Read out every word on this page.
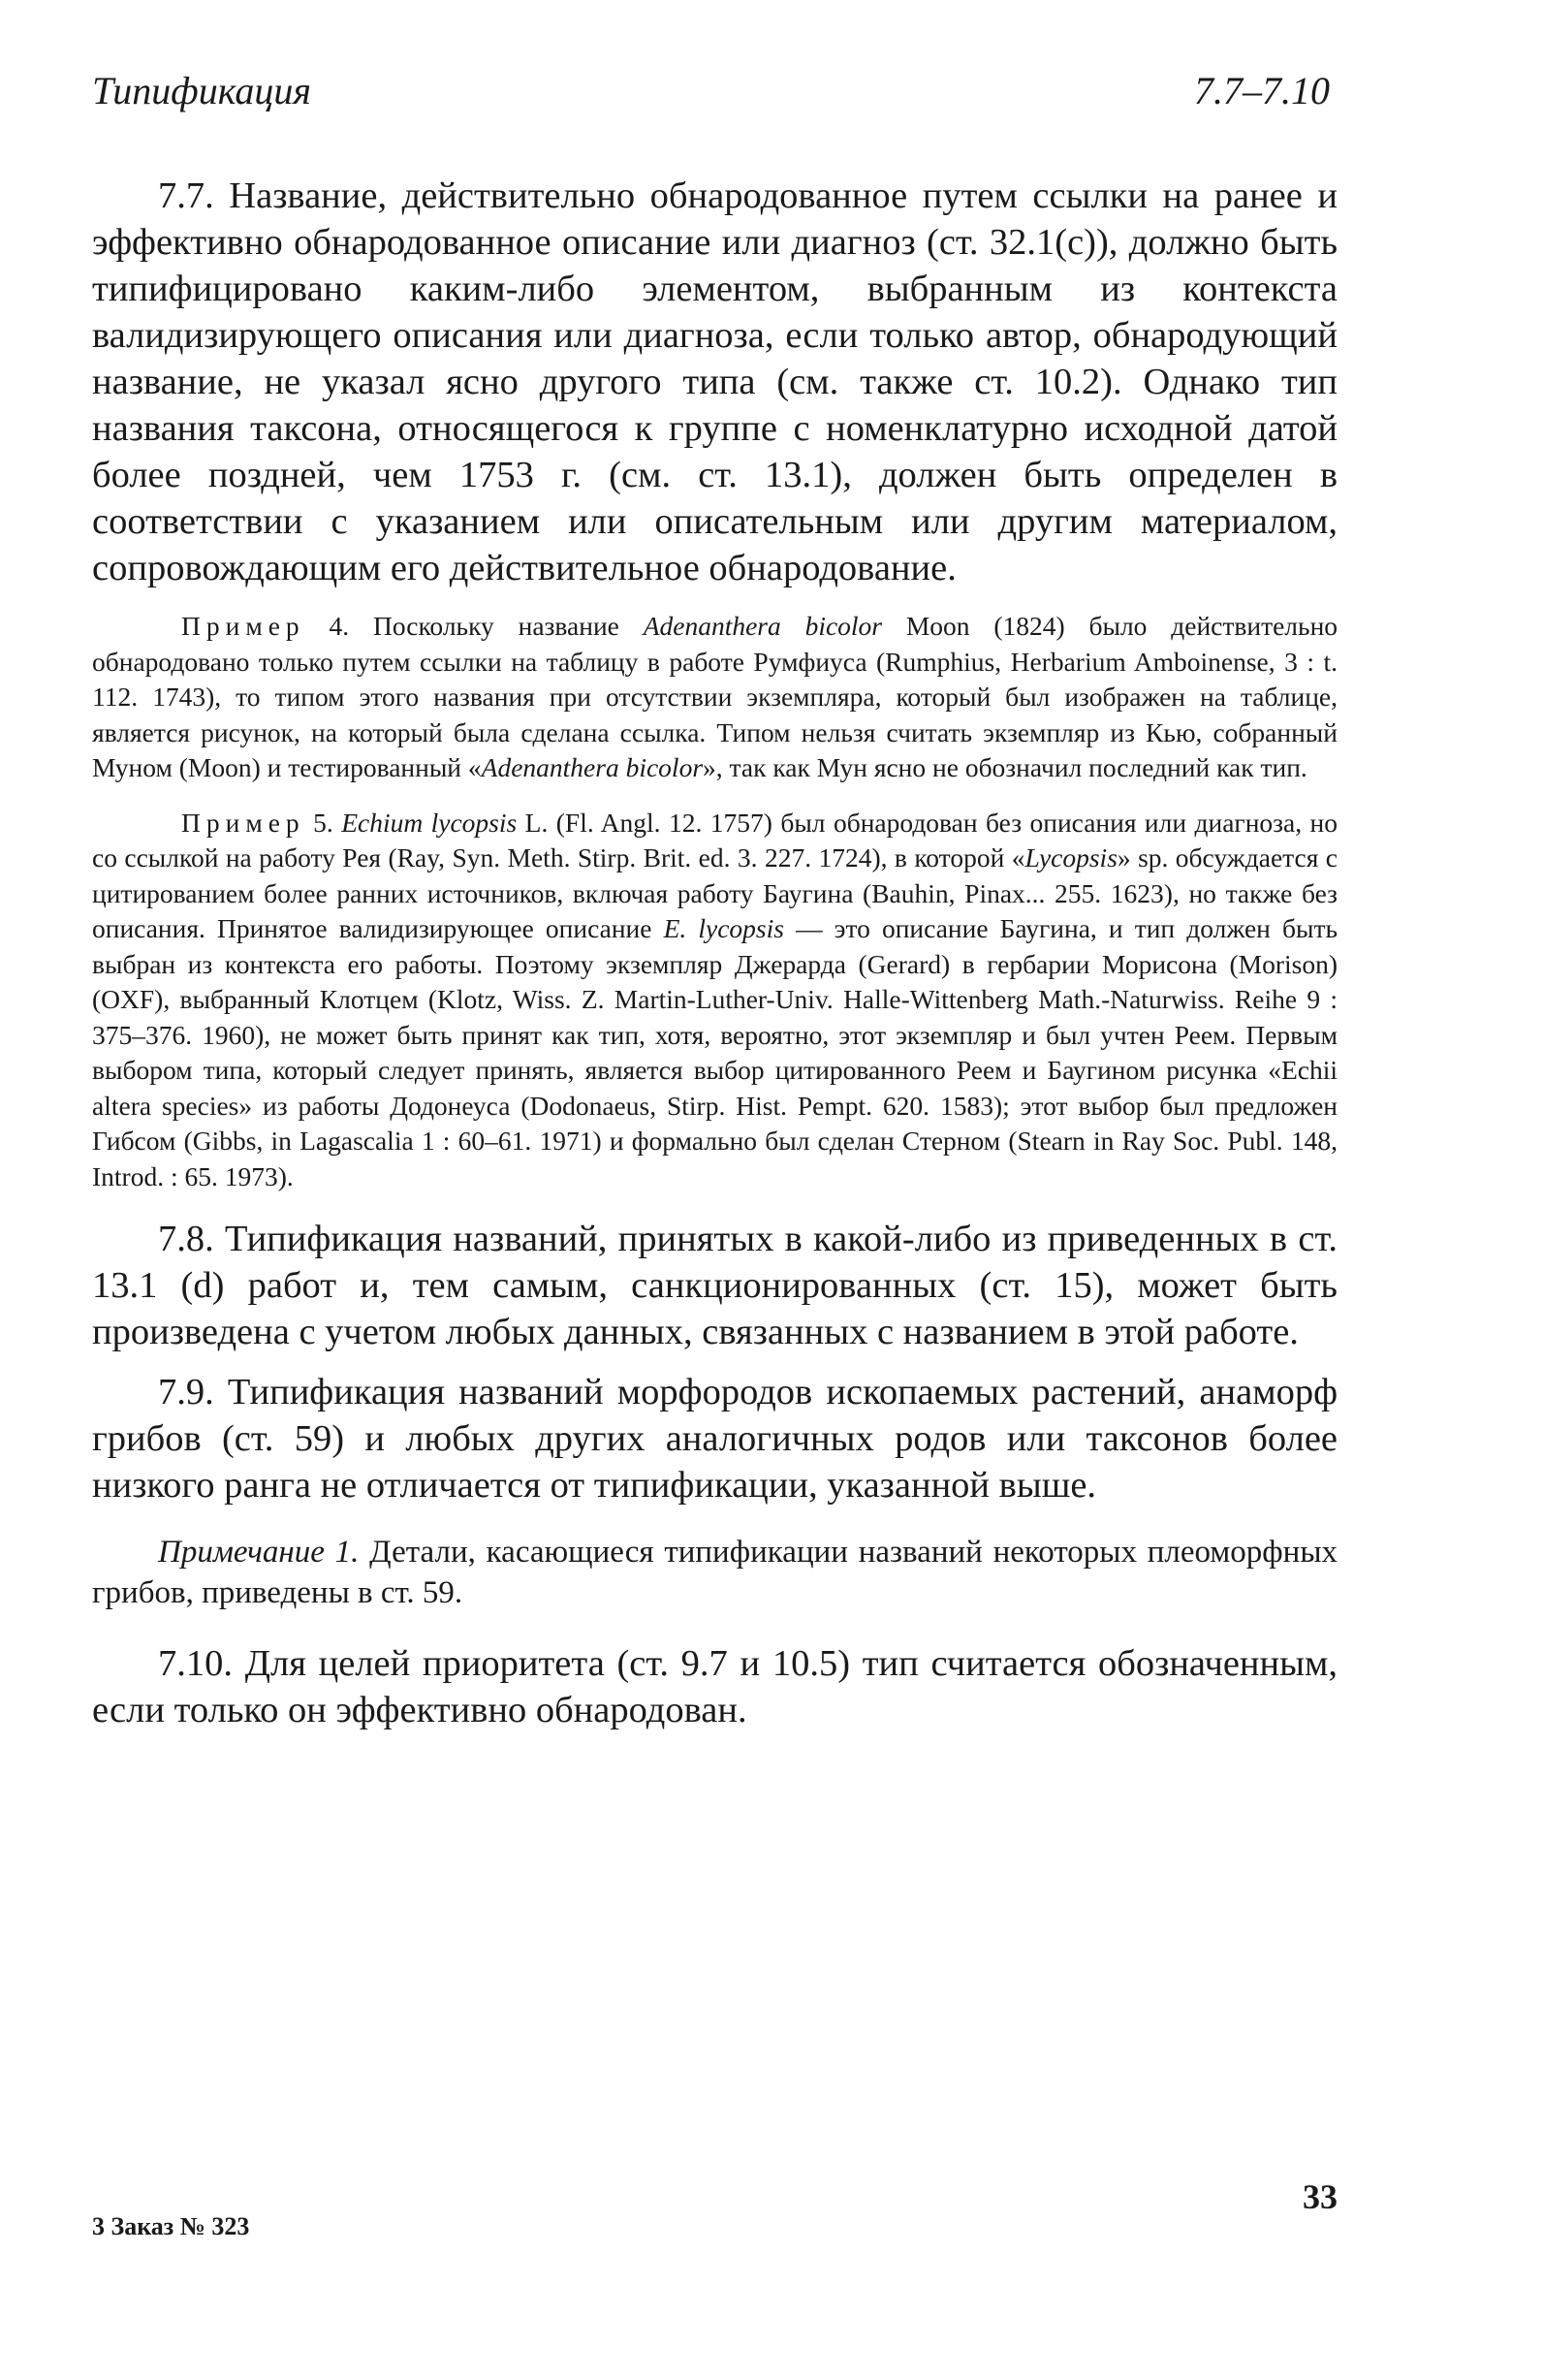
Типификация	7.7–7.10

7.7. Название, действительно обнародованное путем ссылки на ранее и эффективно обнародованное описание или диагноз (ст. 32.1(c)), должно быть типифицировано каким-либо элементом, выбранным из контекста валидизирующего описания или диагноза, если только автор, обнародующий название, не указал ясно другого типа (см. также ст. 10.2). Однако тип названия таксона, относящегося к группе с номенклатурно исходной датой более поздней, чем 1753 г. (см. ст. 13.1), должен быть определен в соответствии с указанием или описательным или другим материалом, сопровождающим его действительное обнародование.

Пример 4. Поскольку название Adenanthera bicolor Moon (1824) было действительно обнародовано только путем ссылки на таблицу в работе Румфиуса (Rumphius, Herbarium Amboinense, 3 : t. 112. 1743), то типом этого названия при отсутствии экземпляра, который был изображен на таблице, является рисунок, на который была сделана ссылка. Типом нельзя считать экземпляр из Кью, собранный Муном (Moon) и тестированный «Adenanthera bicolor», так как Мун ясно не обозначил последний как тип.

Пример 5. Echium lycopsis L. (Fl. Angl. 12. 1757) был обнародован без описания или диагноза, но со ссылкой на работу Рея (Ray, Syn. Meth. Stirp. Brit. ed. 3. 227. 1724), в которой «Lycopsis» sp. обсуждается с цитированием более ранних источников, включая работу Баугина (Bauhin, Pinax... 255. 1623), но также без описания. Принятое валидизирующее описание E. lycopsis — это описание Баугина, и тип должен быть выбран из контекста его работы. Поэтому экземпляр Джерарда (Gerard) в гербарии Морисона (Morison) (OXF), выбранный Клотцем (Klotz, Wiss. Z. Martin-Luther-Univ. Halle-Wittenberg Math.-Naturwiss. Reihe 9 : 375–376. 1960), не может быть принят как тип, хотя, вероятно, этот экземпляр и был учтен Реем. Первым выбором типа, который следует принять, является выбор цитированного Реем и Баугином рисунка «Echii altera species» из работы Додонеуса (Dodonaeus, Stirp. Hist. Pempt. 620. 1583); этот выбор был предложен Гибсом (Gibbs, in Lagascalia 1 : 60–61. 1971) и формально был сделан Стерном (Stearn in Ray Soc. Publ. 148, Introd. : 65. 1973).

7.8. Типификация названий, принятых в какой-либо из приведенных в ст. 13.1 (d) работ и, тем самым, санкционированных (ст. 15), может быть произведена с учетом любых данных, связанных с названием в этой работе.

7.9. Типификация названий морфородов ископаемых растений, анаморф грибов (ст. 59) и любых других аналогичных родов или таксонов более низкого ранга не отличается от типификации, указанной выше.

Примечание 1. Детали, касающиеся типификации названий некоторых плеоморфных грибов, приведены в ст. 59.

7.10. Для целей приоритета (ст. 9.7 и 10.5) тип считается обозначенным, если только он эффективно обнародован.

3 Заказ № 323
33
